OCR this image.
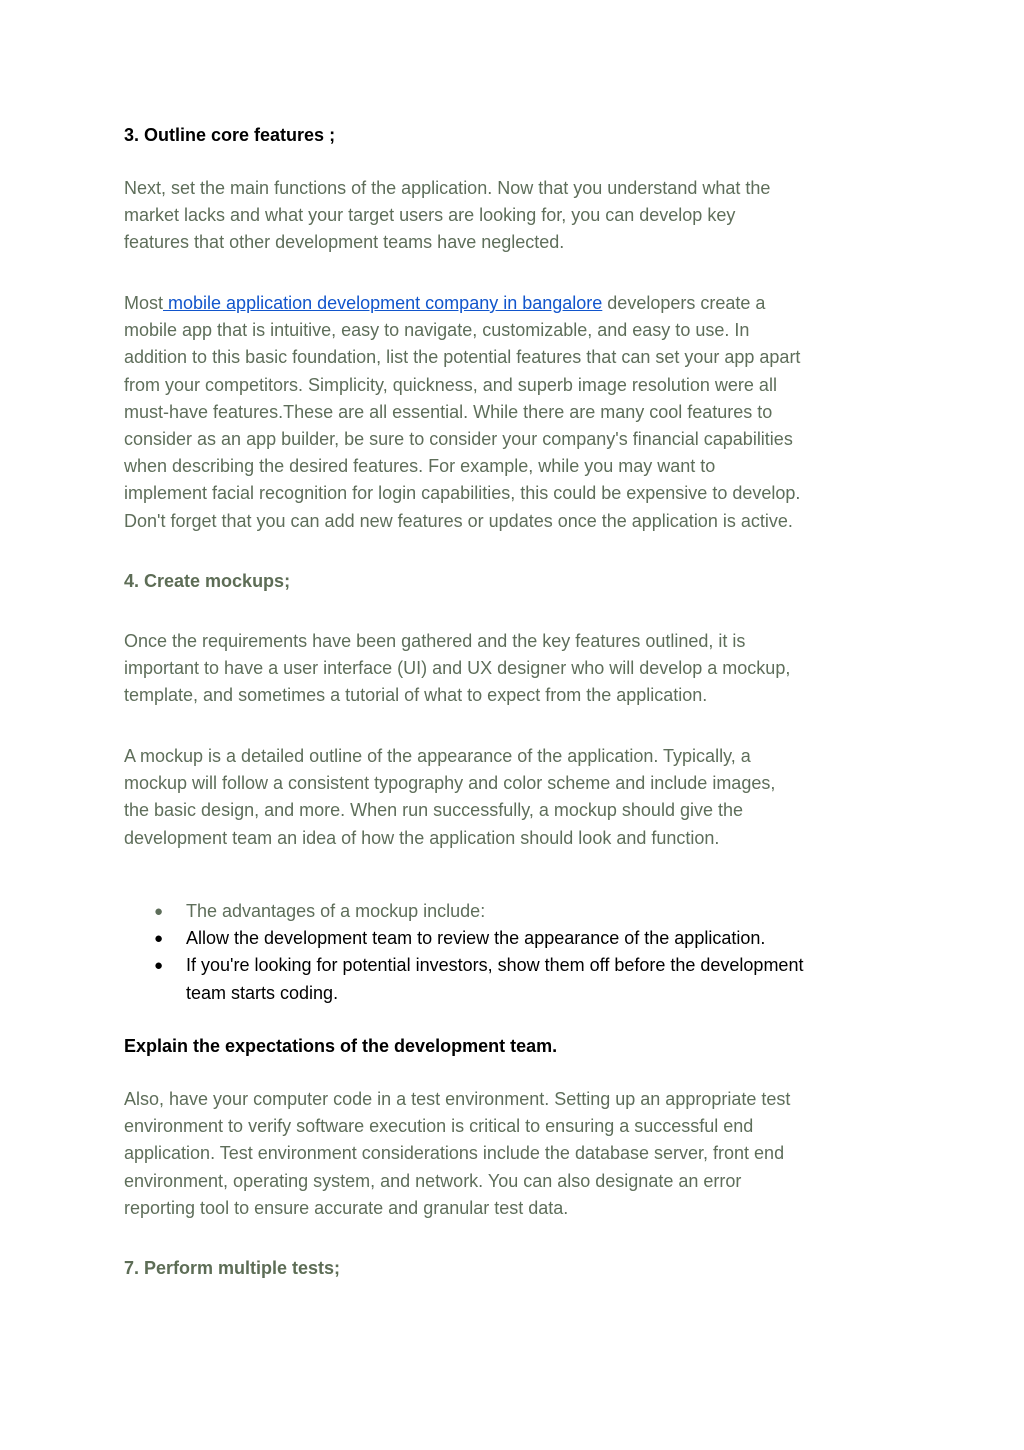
3. Outline core features ;
Next, set the main functions of the application. Now that you understand what the
market lacks and what your target users are looking for, you can develop key
features that other development teams have neglected.
Most mobile application development company in bangalore developers create a
mobile app that is intuitive, easy to navigate, customizable, and easy to use. In
addition to this basic foundation, list the potential features that can set your app apart
from your competitors. Simplicity, quickness, and superb image resolution were all
must-have features.These are all essential. While there are many cool features to
consider as an app builder, be sure to consider your company's financial capabilities
when describing the desired features. For example, while you may want to
implement facial recognition for login capabilities, this could be expensive to develop.
Don't forget that you can add new features or updates once the application is active.
4. Create mockups;
Once the requirements have been gathered and the key features outlined, it is
important to have a user interface (UI) and UX designer who will develop a mockup,
template, and sometimes a tutorial of what to expect from the application.
A mockup is a detailed outline of the appearance of the application. Typically, a
mockup will follow a consistent typography and color scheme and include images,
the basic design, and more. When run successfully, a mockup should give the
development team an idea of how the application should look and function.
● The advantages of a mockup include:
● Allow the development team to review the appearance of the application.
● If you're looking for potential investors, show them off before the development
team starts coding.
Explain the expectations of the development team.
Also, have your computer code in a test environment. Setting up an appropriate test
environment to verify software execution is critical to ensuring a successful end
application. Test environment considerations include the database server, front end
environment, operating system, and network. You can also designate an error
reporting tool to ensure accurate and granular test data.
7. Perform multiple tests;
